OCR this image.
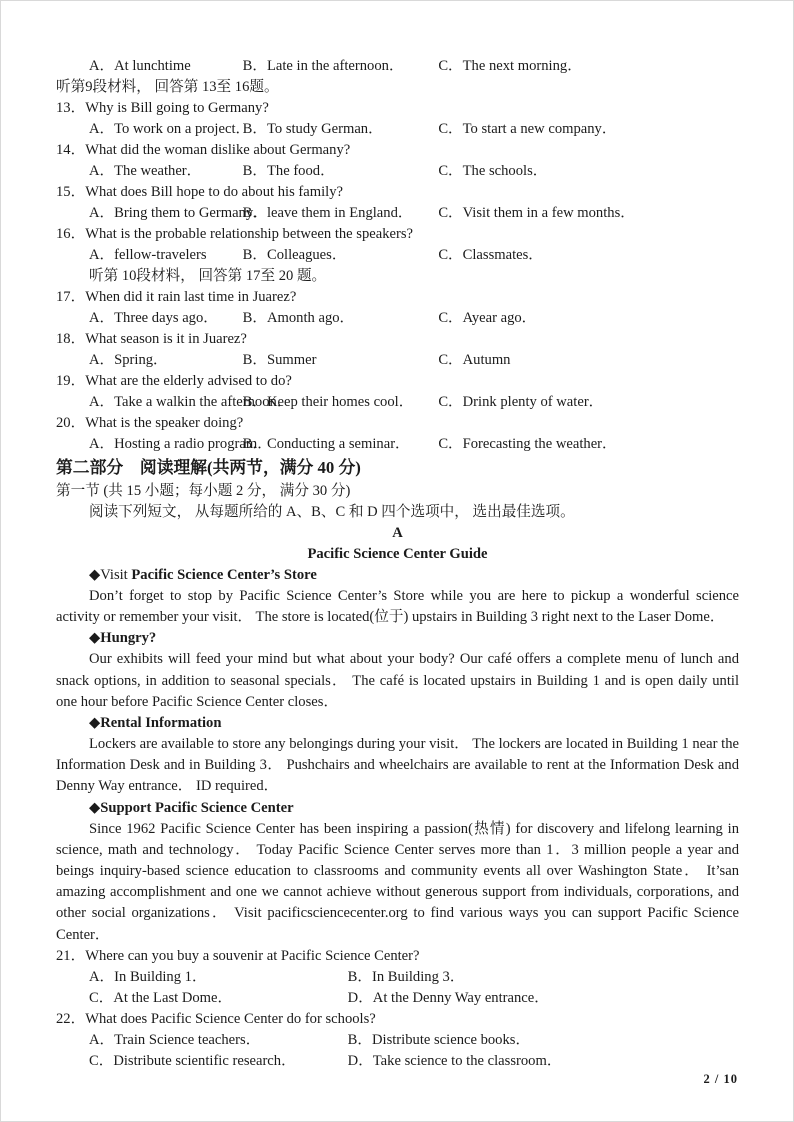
A．At lunchtime	B．Late in the afternoon． C．The next morning．
听第9段材料， 回答第 13至 16题。
13．Why is Bill going to Germany?
A．To work on a project． B．To study German．	C．To start a new company．
14．What did the woman dislike about Germany?
A．The weather．	B．The food．	C．The schools．
15．What does Bill hope to do about his family?
A．Bring them to Germany． B．leave them in England． C．Visit them in a few months．
16．What is the probable relationship between the speakers?
A．fellow-travelers B．Colleagues．	C．Classmates．
听第 10段材料， 回答第 17至 20 题。
17．When did it rain last time in Juarez?
A．Three days ago． B．Amonth ago．	C．Ayear ago．
18．What season is it in Juarez?
A．Spring．	B．Summer	C．Autumn
19．What are the elderly advised to do?
A．Take a walkin the afternoon． B．Keep their homes cool． C．Drink plenty of water．
20．What is the speaker doing?
A．Hosting a radio program． B．Conducting a seminar． C．Forecasting the weather．
第二部分　阅读理解(共两节，满分 40 分)
第一节 (共 15 小题；每小题 2 分， 满分 30 分)
阅读下列短文， 从每题所给的 A、B、C 和 D 四个选项中， 选出最佳选项。
A
Pacific Science Center Guide
◆Visit Pacific Science Center’s Store

Don’t forget to stop by Pacific Science Center’s Store while you are here to pickup a wonderful science activity or remember your visit． The store is located(位于) upstairs in Building 3 right next to the Laser Dome．

◆Hungry?

Our exhibits will feed your mind but what about your body? Our café offers a complete menu of lunch and snack options, in addition to seasonal specials． The café is located upstairs in Building 1 and is open daily until one hour before Pacific Science Center closes．

◆Rental Information

Lockers are available to store any belongings during your visit． The lockers are located in Building 1 near the Information Desk and in Building 3． Pushchairs and wheelchairs are available to rent at the Information Desk and Denny Way entrance． ID required．

◆Support Pacific Science Center

Since 1962 Pacific Science Center has been inspiring a passion(热情) for discovery and lifelong learning in science, math and technology． Today Pacific Science Center serves more than 1．3 million people a year and beings inquiry-based science education to classrooms and community events all over Washington State． It’san amazing accomplishment and one we cannot achieve without generous support from individuals, corporations, and other social organizations． Visit pacificsciencecenter.org to find various ways you can support Pacific Science Center．

21．Where can you buy a souvenir at Pacific Science Center?
A．In Building 1．	B．In Building 3．
C．At the Last Dome．	D．At the Denny Way entrance．
22．What does Pacific Science Center do for schools?
A．Train Science teachers．	B．Distribute science books．
C．Distribute scientific research．	D．Take science to the classroom．
2 / 10
